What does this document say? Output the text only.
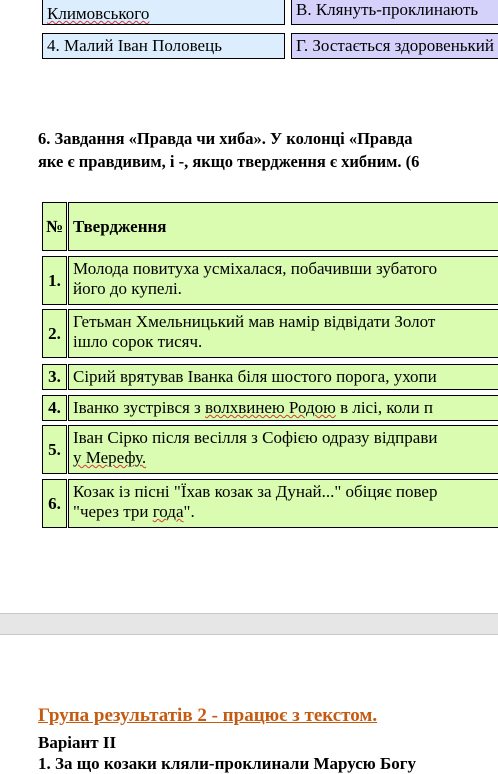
Климовського	В. Клянуть-проклинають
4. Малий Іван Половець	Г. Зостається здоровенький
6. Завдання «Правда чи хиба». У колонці «Правда
яке є правдивим, і -, якщо твердження є хибним. (6
№ Твердження
1.
Молода повитуха усміхалася, побачивши зубатого
його до купелі.
2.
Гетьман Хмельницький мав намір відвідати Золот
ішло сорок тисяч.
3. Сірий врятував Іванка біля шостого порога, ухопи
4. Іванко зустрівся з волхвинею Родою в лісі, коли п
5.
Іван Сірко після весілля з Софією одразу відправи
у Мерефу.
6.
Козак із пісні "Їхав козак за Дунай..." обіцяє повер
"через три года".
Група результатів 2 - працює з текстом.
Варіант ІІ
1. За що козаки кляли-проклинали Марусю Богу
